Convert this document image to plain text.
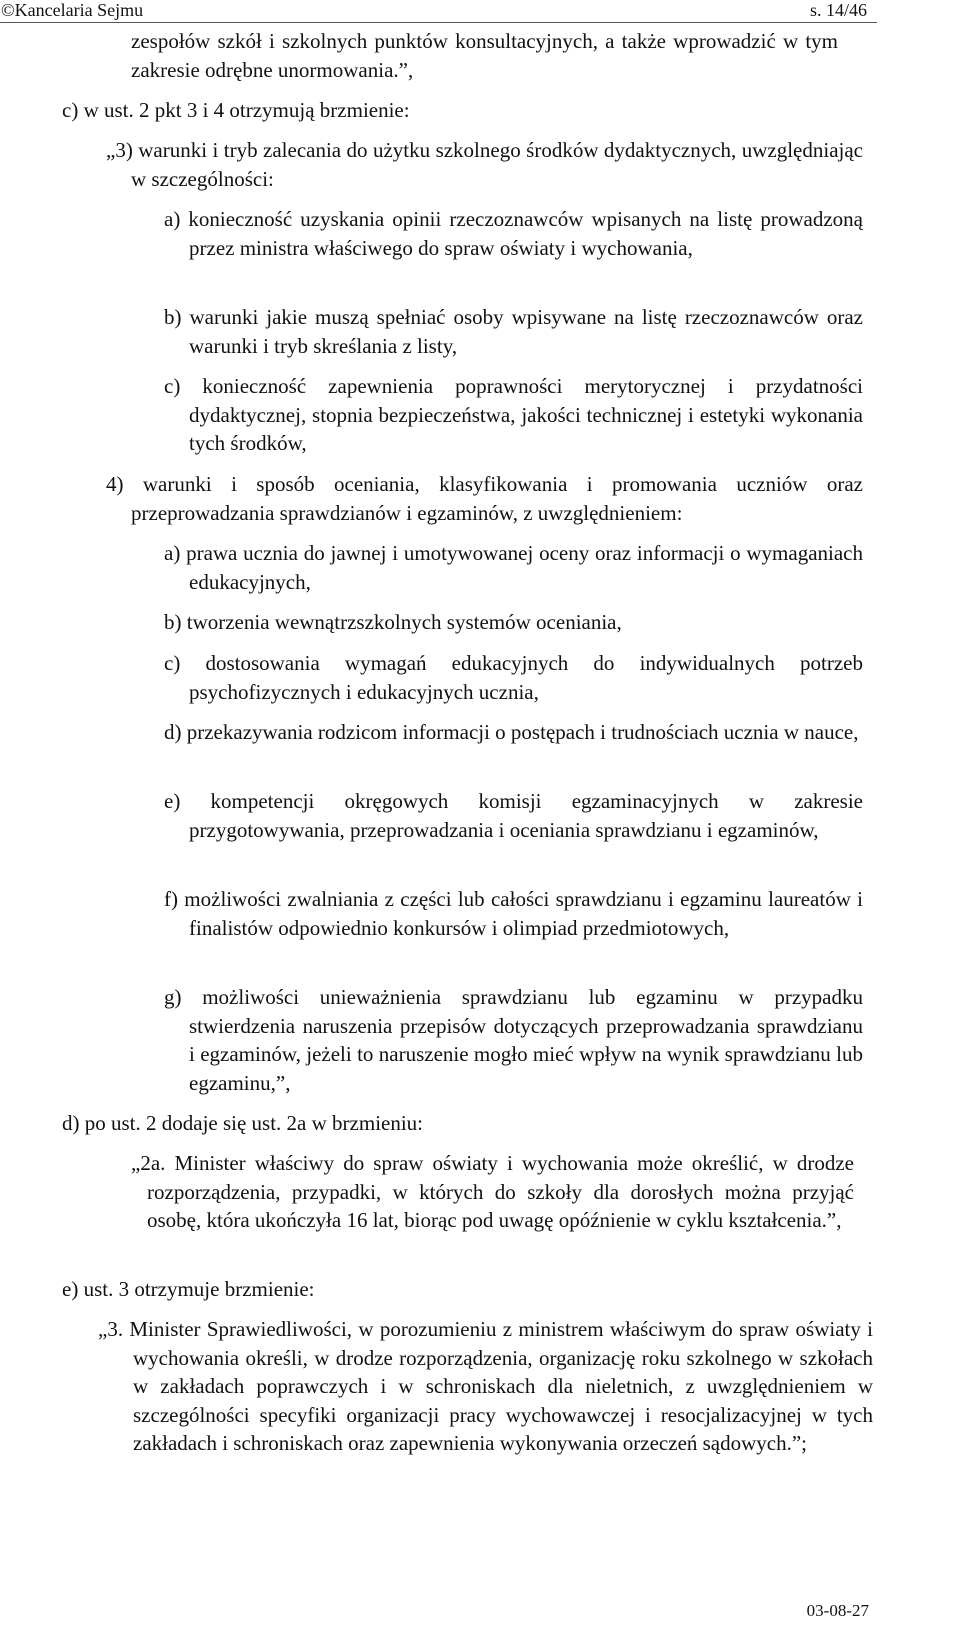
©Kancelaria Sejmu	s. 14/46
zespołów szkół i szkolnych punktów konsultacyjnych, a także wprowadzić w tym zakresie odrębne unormowania.”,
c) w ust. 2 pkt 3 i 4 otrzymują brzmienie:
„3) warunki i tryb zalecania do użytku szkolnego środków dydaktycznych, uwzględniając w szczególności:
a) konieczność uzyskania opinii rzeczoznawców wpisanych na listę prowadzoną przez ministra właściwego do spraw oświaty i wychowania,
b) warunki jakie muszą spełniać osoby wpisywane na listę rzeczoznawców oraz warunki i tryb skreślania z listy,
c) konieczność zapewnienia poprawności merytorycznej i przydatności dydaktycznej, stopnia bezpieczeństwa, jakości technicznej i estetyki wykonania tych środków,
4) warunki i sposób oceniania, klasyfikowania i promowania uczniów oraz przeprowadzania sprawdzianów i egzaminów, z uwzględnieniem:
a) prawa ucznia do jawnej i umotywowanej oceny oraz informacji o wymaganiach edukacyjnych,
b) tworzenia wewnątrzszkolnych systemów oceniania,
c) dostosowania wymagań edukacyjnych do indywidualnych potrzeb psychofizycznych i edukacyjnych ucznia,
d) przekazywania rodzicom informacji o postępach i trudnościach ucznia w nauce,
e) kompetencji okręgowych komisji egzaminacyjnych w zakresie przygotowywania, przeprowadzania i oceniania sprawdzianu i egzaminów,
f) możliwości zwalniania z części lub całości sprawdzianu i egzaminu laureatów i finalistów odpowiednio konkursów i olimpiad przedmiotowych,
g) możliwości unieważnienia sprawdzianu lub egzaminu w przypadku stwierdzenia naruszenia przepisów dotyczących przeprowadzania sprawdzianu i egzaminów, jeżeli to naruszenie mogło mieć wpływ na wynik sprawdzianu lub egzaminu,”,
d) po ust. 2 dodaje się ust. 2a w brzmieniu:
„2a. Minister właściwy do spraw oświaty i wychowania może określić, w drodze rozporządzenia, przypadki, w których do szkoły dla dorosłych można przyjąć osobę, która ukończyła 16 lat, biorąc pod uwagę opóźnienie w cyklu kształcenia.”,
e) ust. 3 otrzymuje brzmienie:
„3. Minister Sprawiedliwości, w porozumieniu z ministrem właściwym do spraw oświaty i wychowania określi, w drodze rozporządzenia, organizację roku szkolnego w szkołach w zakładach poprawczych i w schroniskach dla nieletnich, z uwzględnieniem w szczególności specyfiki organizacji pracy wychowawczej i resocjalizacyjnej w tych zakładach i schroniskach oraz zapewnienia wykonywania orzeczeń sądowych.”;
03-08-27
